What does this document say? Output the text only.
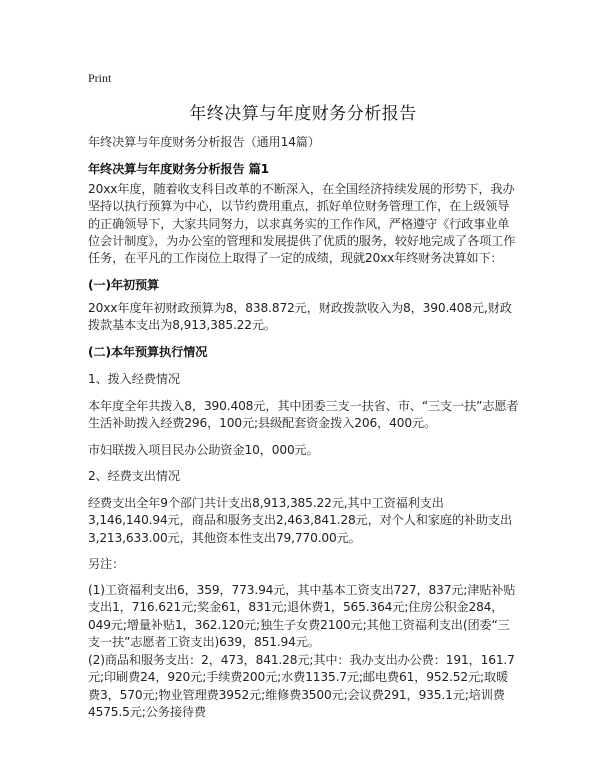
Print
年终决算与年度财务分析报告
年终决算与年度财务分析报告（通用14篇）
年终决算与年度财务分析报告 篇1
20xx年度，随着收支科目改革的不断深入，在全国经济持续发展的形势下，我办坚持以执行预算为中心，以节约费用重点，抓好单位财务管理工作，在上级领导的正确领导下，大家共同努力，以求真务实的工作作风，严格遵守《行政事业单位会计制度》，为办公室的管理和发展提供了优质的服务，较好地完成了各项工作任务，在平凡的工作岗位上取得了一定的成绩，现就20xx年终财务决算如下：
(一)年初预算
20xx年度年初财政预算为8，838.872元，财政拨款收入为8，390.408元,财政拨款基本支出为8,913,385.22元。
(二)本年预算执行情况
1、拨入经费情况
本年度全年共拨入8，390.408元，其中团委三支一扶省、市、“三支一扶”志愿者生活补助拨入经费296，100元;县级配套资金拨入206，400元。
市妇联拨入项目民办公助资金10，000元。
2、经费支出情况
经费支出全年9个部门共计支出8,913,385.22元,其中工资福利支出3,146,140.94元，商品和服务支出2,463,841.28元，对个人和家庭的补助支出3,213,633.00元，其他资本性支出79,770.00元。
另注：
(1)工资福利支出6，359，773.94元，其中基本工资支出727，837元;津贴补贴支出1，716.621元;奖金61，831元;退休费1，565.364元;住房公积金284，049元;增量补贴1，362.120元;独生子女费2100元;其他工资福利支出(团委“三支一扶”志愿者工资支出)639，851.94元。
(2)商品和服务支出：2，473，841.28元;其中：我办支出办公费：191，161.7元;印刷费24，920元;手续费200元;水费1135.7元;邮电费61，952.52元;取暖费3，570元;物业管理费3952元;维修费3500元;会议费291，935.1元;培训费4575.5元;公务接待费
